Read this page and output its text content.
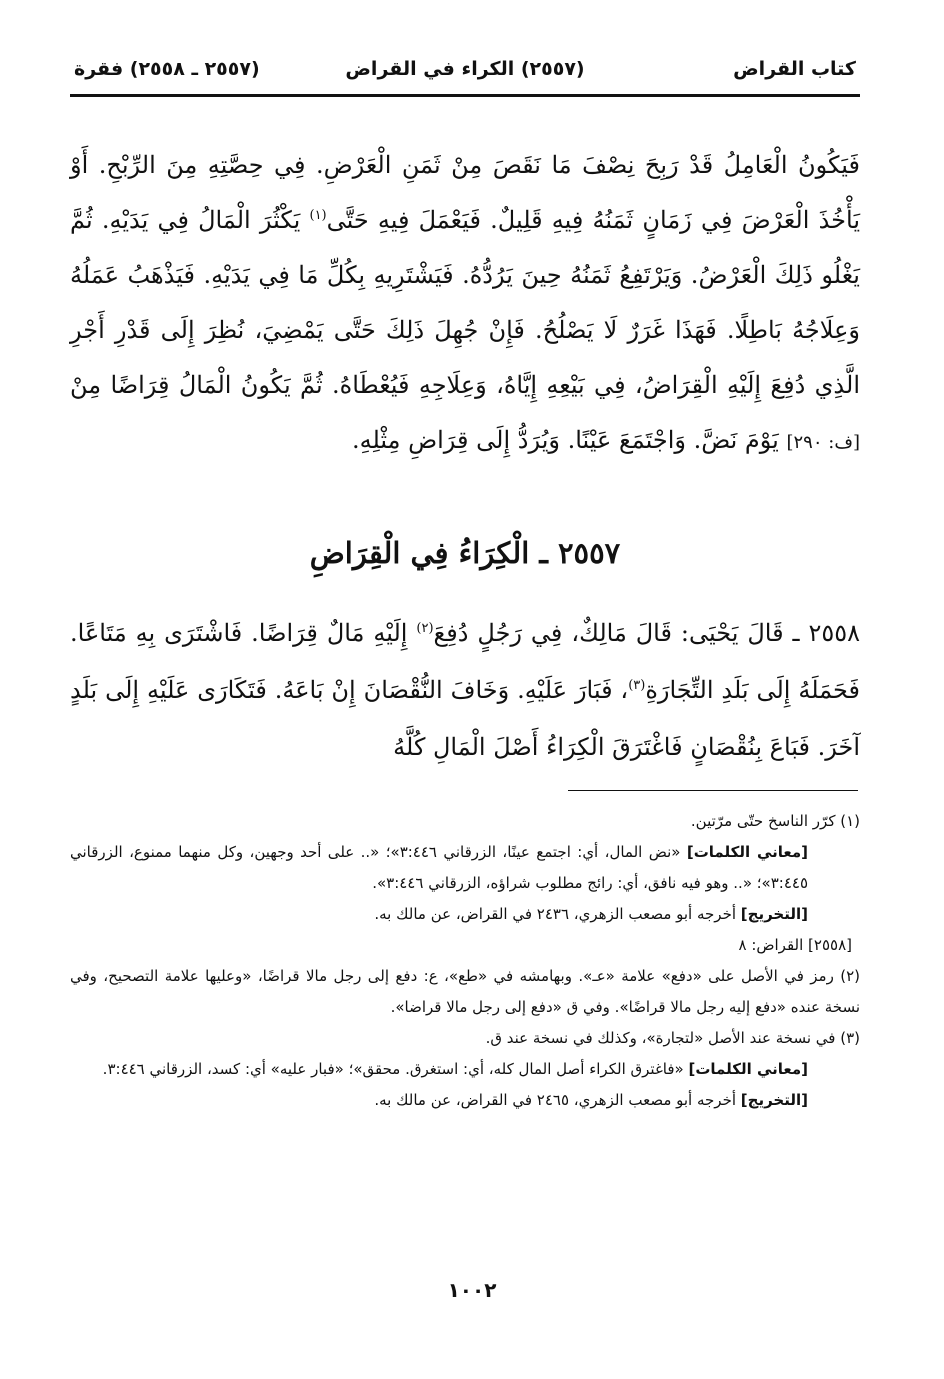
كتاب القراض
(٢٥٥٧) الكراء في القراض
(٢٥٥٧ ـ ٢٥٥٨) فقرة

فَيَكُونُ الْعَامِلُ قَدْ رَبِحَ نِصْفَ مَا نَقَصَ مِنْ ثَمَنِ الْعَرْضِ. فِي حِصَّتِهِ مِنَ الرِّبْحِ. أَوْ يَأْخُذَ الْعَرْضَ فِي زَمَانٍ ثَمَنُهُ فِيهِ قَلِيلٌ. فَيَعْمَلَ فِيهِ حَتَّى$^{(١)}$ يَكْثُرَ الْمَالُ فِي يَدَيْهِ. ثُمَّ يَغْلُو ذَلِكَ الْعَرْضُ. وَيَرْتَفِعُ ثَمَنُهُ حِينَ يَرُدُّهُ. فَيَشْتَرِيهِ بِكُلِّ مَا فِي يَدَيْهِ. فَيَذْهَبُ عَمَلُهُ وَعِلَاجُهُ بَاطِلًا. فَهَذَا غَرَرٌ لَا يَصْلُحُ. فَإِنْ جُهِلَ ذَلِكَ حَتَّى يَمْضِيَ، نُظِرَ إِلَى قَدْرِ أَجْرِ الَّذِي دُفِعَ إِلَيْهِ الْقِرَاضُ، فِي بَيْعِهِ إِيَّاهُ، وَعِلَاجِهِ فَيُعْطَاهُ. ثُمَّ يَكُونُ الْمَالُ قِرَاضًا مِنْ [ف: ٢٩٠] يَوْمَ نَضَّ. وَاجْتَمَعَ عَيْنًا. وَيُرَدُّ إِلَى قِرَاضِ مِثْلِهِ.

٢٥٥٧ ـ الْكِرَاءُ فِي الْقِرَاضِ

٢٥٥٨ ـ قَالَ يَحْيَى: قَالَ مَالِكٌ، فِي رَجُلٍ دُفِعَ$^{(٢)}$ إِلَيْهِ مَالٌ قِرَاضًا. فَاشْتَرَى بِهِ مَتَاعًا. فَحَمَلَهُ إِلَى بَلَدِ التِّجَارَةِ$^{(٣)}$، فَبَارَ عَلَيْهِ. وَخَافَ النُّقْصَانَ إِنْ بَاعَهُ. فَتَكَارَى عَلَيْهِ إِلَى بَلَدٍ آخَرَ. فَبَاعَ بِنُقْصَانٍ فَاغْتَرَقَ الْكِرَاءُ أَصْلَ الْمَالِ كُلَّهُ

(١) كرّر الناسخ حتّى مرّتين.

[معاني الكلمات] «نض المال، أي: اجتمع عينًا، الزرقاني ٣:٤٤٦»؛ «.. على أحد وجهين، وكل منهما ممنوع، الزرقاني ٣:٤٤٥»؛ «.. وهو فيه نافق، أي: رائج مطلوب شراؤه، الزرقاني ٣:٤٤٦».

[التخريج] أخرجه أبو مصعب الزهري، ٢٤٣٦ في القراض، عن مالك به.

[٢٥٥٨] القراض: ٨

(٢) رمز في الأصل على «دفع» علامة «عـ». وبهامشه في «طع»، ع: دفع إلى رجل مالا قراضًا، «وعليها علامة التصحيح، وفي نسخة عنده «دفع إليه رجل مالا قراضًا». وفي ق «دفع إلى رجل مالا قراضا».

(٣) في نسخة عند الأصل «لتجارة»، وكذلك في نسخة عند ق.

[معاني الكلمات] «فاغترق الكراء أصل المال كله، أي: استغرق. محقق»؛ «فبار عليه» أي: كسد، الزرقاني ٣:٤٤٦.

[التخريج] أخرجه أبو مصعب الزهري، ٢٤٦٥ في القراض، عن مالك به.

١٠٠٢
